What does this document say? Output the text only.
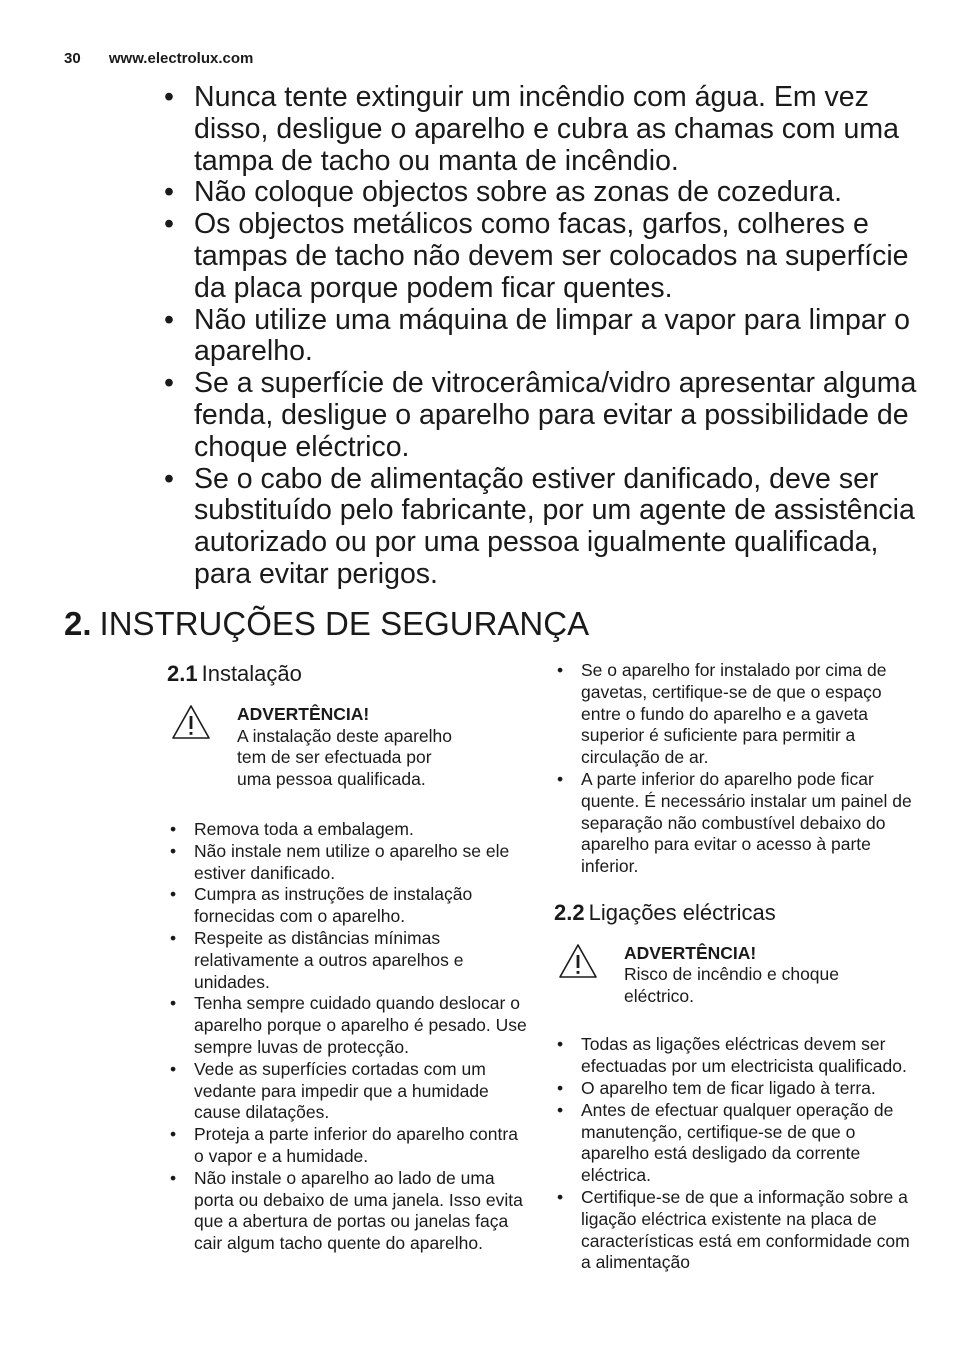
30 www.electrolux.com
• Nunca tente extinguir um incêndio com água. Em vez disso, desligue o aparelho e cubra as chamas com uma tampa de tacho ou manta de incêndio.
• Não coloque objectos sobre as zonas de cozedura.
• Os objectos metálicos como facas, garfos, colheres e tampas de tacho não devem ser colocados na superfície da placa porque podem ficar quentes.
• Não utilize uma máquina de limpar a vapor para limpar o aparelho.
• Se a superfície de vitrocerâmica/vidro apresentar alguma fenda, desligue o aparelho para evitar a possibilidade de choque eléctrico.
• Se o cabo de alimentação estiver danificado, deve ser substituído pelo fabricante, por um agente de assistência autorizado ou por uma pessoa igualmente qualificada, para evitar perigos.
2. INSTRUÇÕES DE SEGURANÇA
2.1 Instalação
ADVERTÊNCIA!
A instalação deste aparelho
tem de ser efectuada por
uma pessoa qualificada.
• Remova toda a embalagem.
• Não instale nem utilize o aparelho se ele estiver danificado.
• Cumpra as instruções de instalação fornecidas com o aparelho.
• Respeite as distâncias mínimas relativamente a outros aparelhos e unidades.
• Tenha sempre cuidado quando deslocar o aparelho porque o aparelho é pesado. Use sempre luvas de protecção.
• Vede as superfícies cortadas com um vedante para impedir que a humidade cause dilatações.
• Proteja a parte inferior do aparelho contra o vapor e a humidade.
• Não instale o aparelho ao lado de uma porta ou debaixo de uma janela. Isso evita que a abertura de portas ou janelas faça cair algum tacho quente do aparelho.
• Se o aparelho for instalado por cima de gavetas, certifique-se de que o espaço entre o fundo do aparelho e a gaveta superior é suficiente para permitir a circulação de ar.
• A parte inferior do aparelho pode ficar quente. É necessário instalar um painel de separação não combustível debaixo do aparelho para evitar o acesso à parte inferior.
2.2 Ligações eléctricas
ADVERTÊNCIA!
Risco de incêndio e choque
eléctrico.
• Todas as ligações eléctricas devem ser efectuadas por um electricista qualificado.
• O aparelho tem de ficar ligado à terra.
• Antes de efectuar qualquer operação de manutenção, certifique-se de que o aparelho está desligado da corrente eléctrica.
• Certifique-se de que a informação sobre a ligação eléctrica existente na placa de características está em conformidade com a alimentação
